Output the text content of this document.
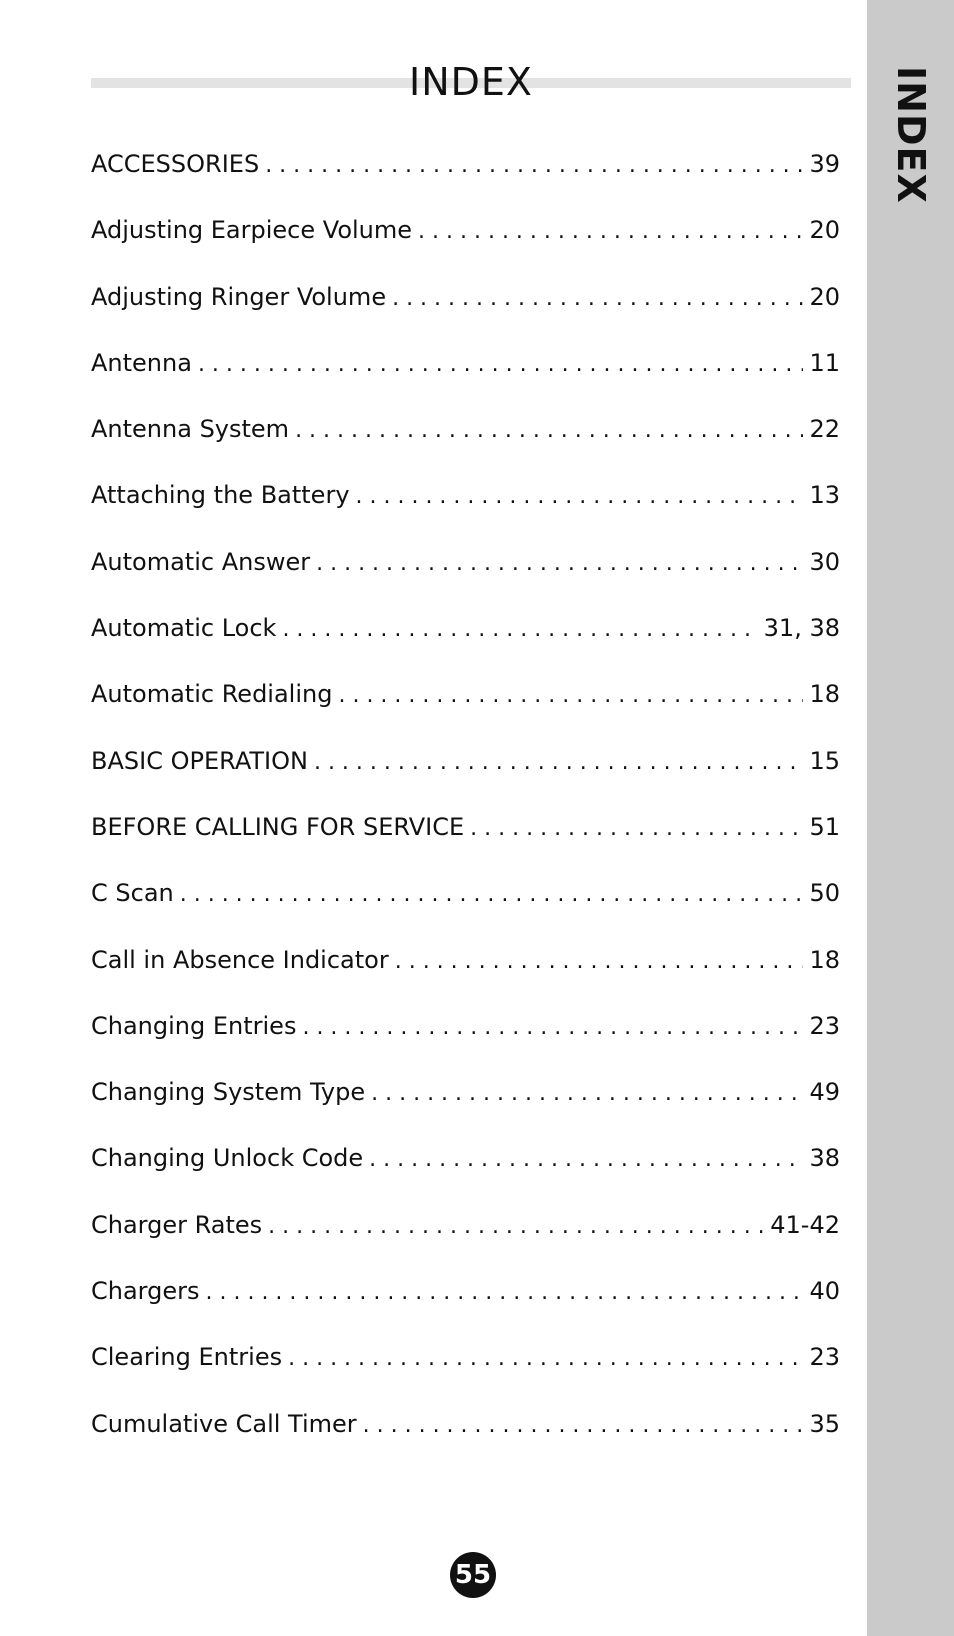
INDEX
INDEX
ACCESSORIES . . .	39
Adjusting Earpiece Volume . . .	20
Adjusting Ringer Volume . . .	20
Antenna . . .	11
Antenna System . . .	22
Attaching the Battery . . .	13
Automatic Answer . . .	30
Automatic Lock . . .	31, 38
Automatic Redialing . . .	18
BASIC OPERATION . . .	15
BEFORE CALLING FOR SERVICE . . .	51
C Scan . . .	50
Call in Absence Indicator . . .	18
Changing Entries . . .	23
Changing System Type . . .	49
Changing Unlock Code . . .	38
Charger Rates . . .	41-42
Chargers . . .	40
Clearing Entries . . .	23
Cumulative Call Timer . . .	35
55
